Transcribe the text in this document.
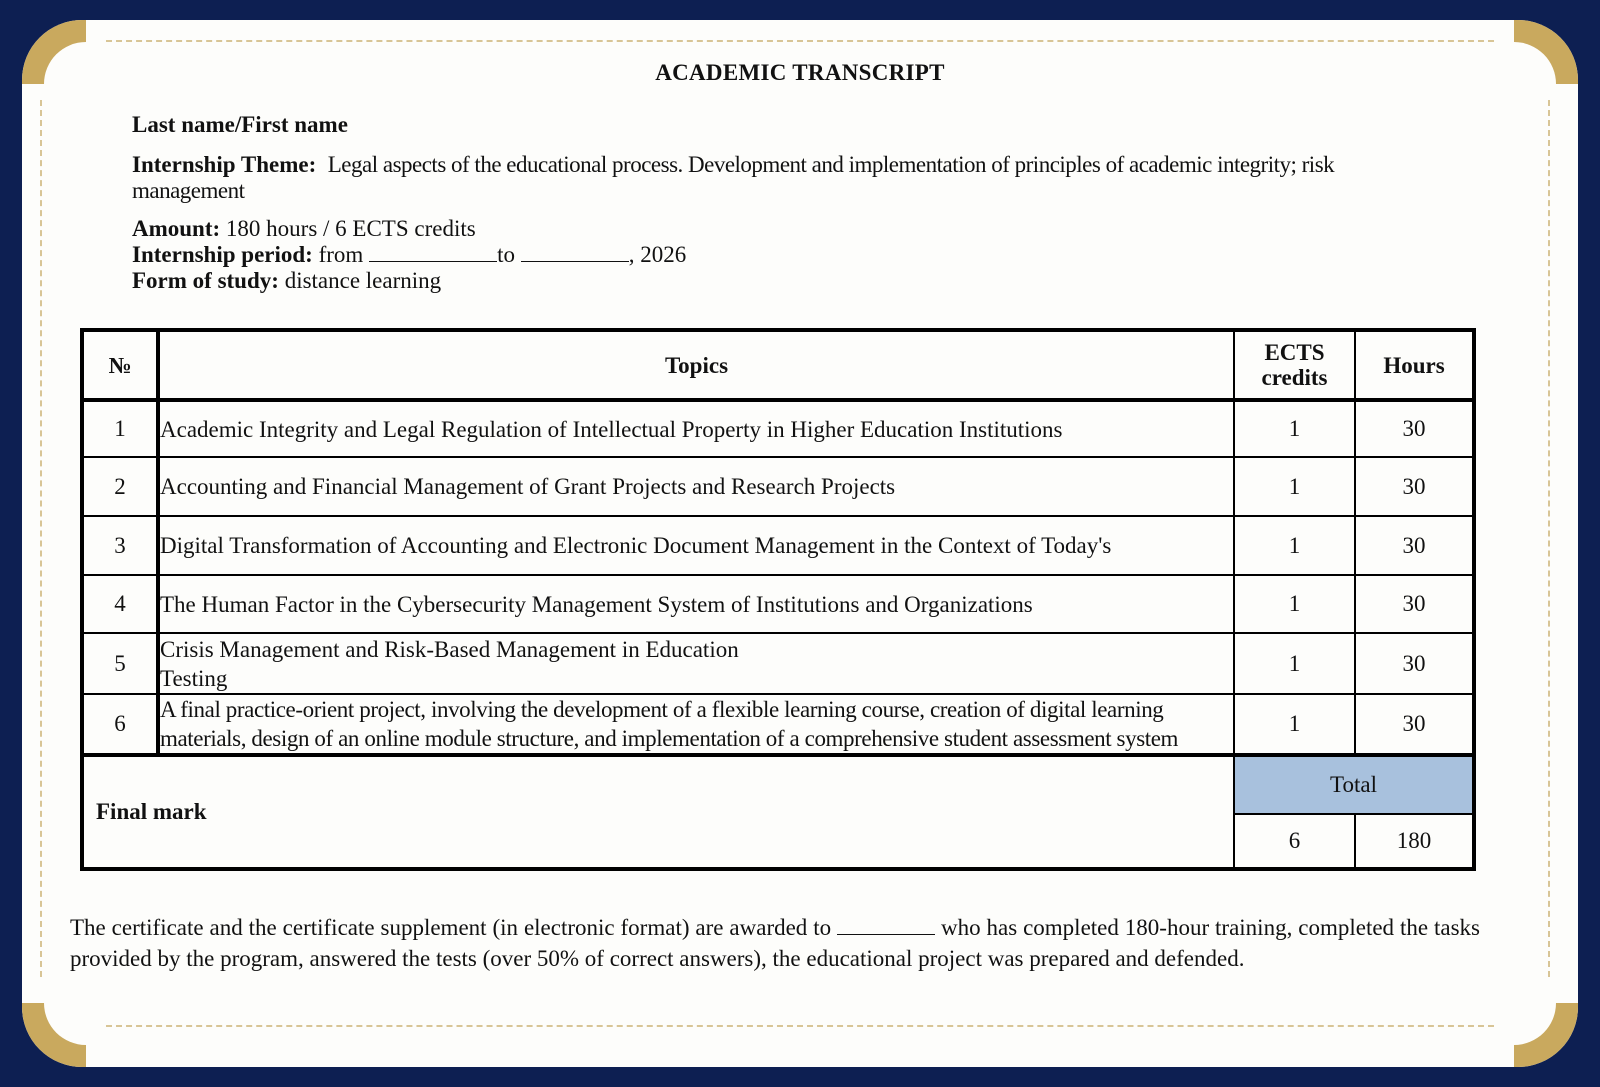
ACADEMIC TRANSCRIPT
Last name/First name
Internship Theme: Legal aspects of the educational process. Development and implementation of principles of academic integrity; risk management
Amount: 180 hours / 6 ECTS credits
Internship period: from	to	, 2026
Form of study: distance learning
№	Topics	ECTS credits	Hours
1	Academic Integrity and Legal Regulation of Intellectual Property in Higher Education Institutions	1	30
2	Accounting and Financial Management of Grant Projects and Research Projects	1	30
3	Digital Transformation of Accounting and Electronic Document Management in the Context of Today's	1	30
4	The Human Factor in the Cybersecurity Management System of Institutions and Organizations	1	30
5	Crisis Management and Risk-Based Management in Education
Testing	1	30
6	A final practice-orient project, involving the development of a flexible learning course, creation of digital learning materials, design of an online module structure, and implementation of a comprehensive student assessment system	1	30
Final mark		Total	
		6	180
The certificate and the certificate supplement (in electronic format) are awarded to	who has completed 180-hour training, completed the tasks provided by the program, answered the tests (over 50% of correct answers), the educational project was prepared and defended.
